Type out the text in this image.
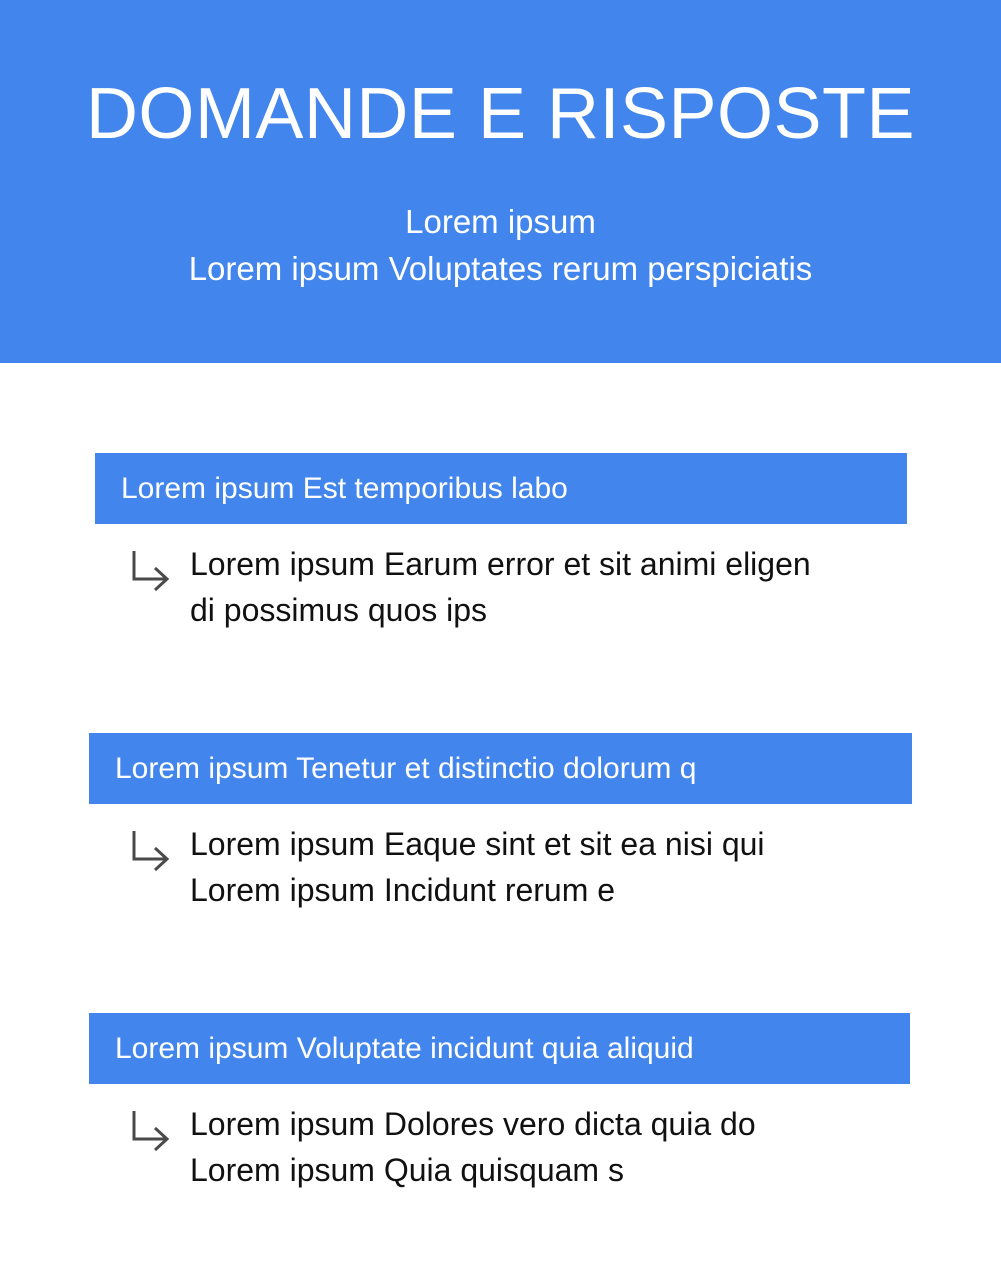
DOMANDE E RISPOSTE
Lorem ipsum
Lorem ipsum Voluptates rerum perspiciatis
Lorem ipsum Est temporibus labo
Lorem ipsum Earum error et sit animi eligen
di possimus quos ips
Lorem ipsum Tenetur et distinctio dolorum q
Lorem ipsum Eaque sint et sit ea nisi qui
Lorem ipsum Incidunt rerum e
Lorem ipsum Voluptate incidunt quia aliquid
Lorem ipsum Dolores vero dicta quia do
Lorem ipsum Quia quisquam s
